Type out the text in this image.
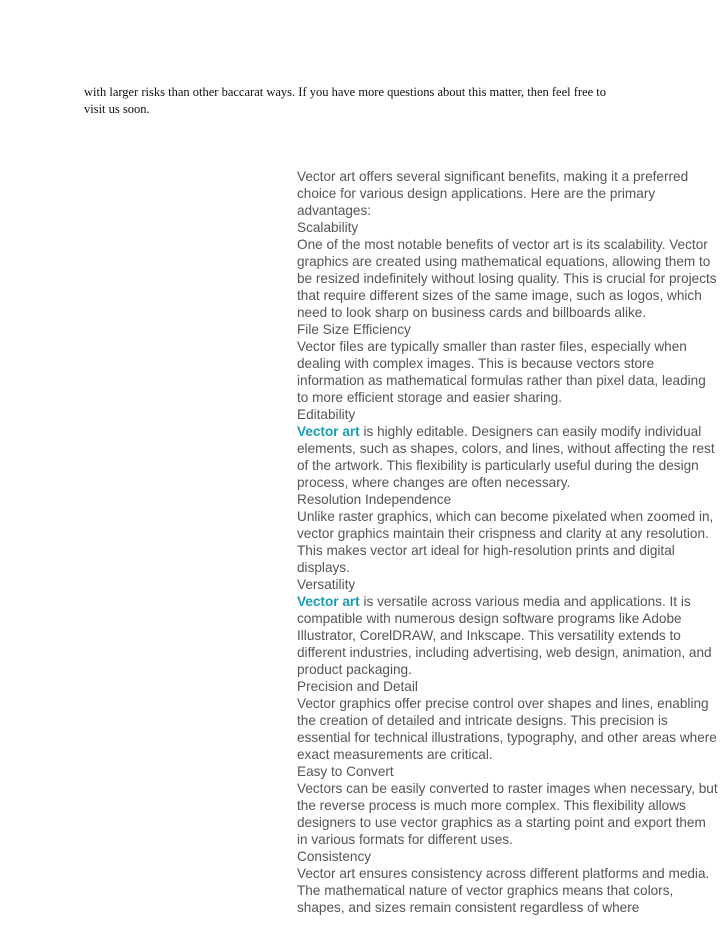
with larger risks than other baccarat ways. If you have more questions about this matter, then feel free to
visit us soon.

Vector art offers several significant benefits, making it a preferred choice for various design applications. Here are the primary advantages:

Scalability

One of the most notable benefits of vector art is its scalability. Vector graphics are created using mathematical equations, allowing them to be resized indefinitely without losing quality. This is crucial for projects that require different sizes of the same image, such as logos, which need to look sharp on business cards and billboards alike.

File Size Efficiency

Vector files are typically smaller than raster files, especially when dealing with complex images. This is because vectors store information as mathematical formulas rather than pixel data, leading to more efficient storage and easier sharing.

Editability

Vector art is highly editable. Designers can easily modify individual elements, such as shapes, colors, and lines, without affecting the rest of the artwork. This flexibility is particularly useful during the design process, where changes are often necessary.

Resolution Independence

Unlike raster graphics, which can become pixelated when zoomed in, vector graphics maintain their crispness and clarity at any resolution. This makes vector art ideal for high-resolution prints and digital displays.

Versatility

Vector art is versatile across various media and applications. It is compatible with numerous design software programs like Adobe Illustrator, CorelDRAW, and Inkscape. This versatility extends to different industries, including advertising, web design, animation, and product packaging.

Precision and Detail

Vector graphics offer precise control over shapes and lines, enabling the creation of detailed and intricate designs. This precision is essential for technical illustrations, typography, and other areas where exact measurements are critical.

Easy to Convert

Vectors can be easily converted to raster images when necessary, but the reverse process is much more complex. This flexibility allows designers to use vector graphics as a starting point and export them in various formats for different uses.

Consistency

Vector art ensures consistency across different platforms and media. The mathematical nature of vector graphics means that colors, shapes, and sizes remain consistent regardless of where
